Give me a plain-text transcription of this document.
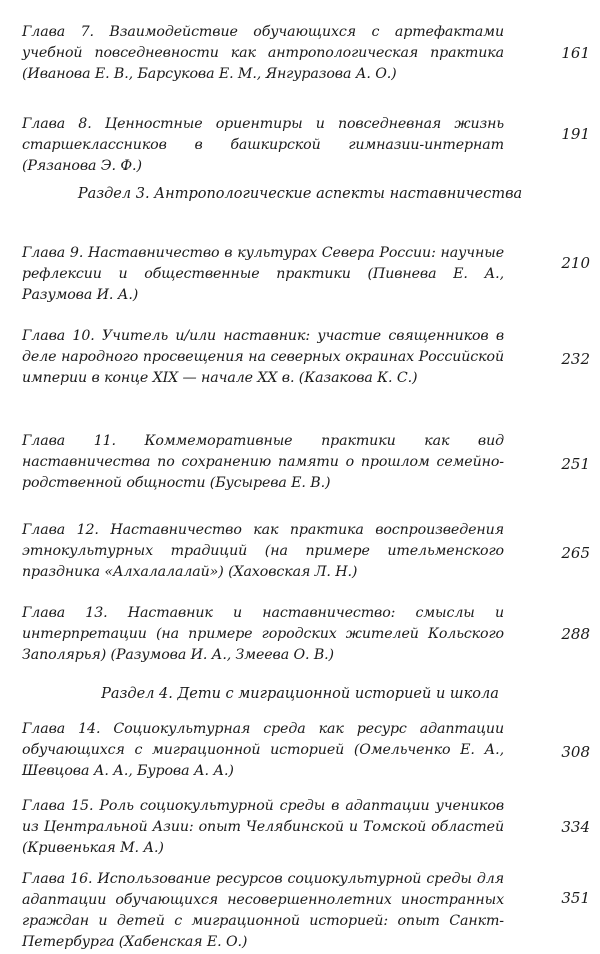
Глава 7. Взаимодействие обучающихся с артефактами учебной повседневности как антропологическая практика (Иванова Е. В., Барсукова Е. М., Янгуразова А. О.)
161
Глава 8. Ценностные ориентиры и повседневная жизнь старшеклассников в башкирской гимназии-интернат (Рязанова Э. Ф.)
191
Раздел 3. Антропологические аспекты наставничества
Глава 9. Наставничество в культурах Севера России: научные рефлексии и общественные практики (Пивнева Е. А., Разумова И. А.)
210
Глава 10. Учитель и/или наставник: участие священников в деле народного просвещения на северных окраинах Российской империи в конце XIX — начале XX в. (Казакова К. С.)
232
Глава 11. Коммеморативные практики как вид наставничества по сохранению памяти о прошлом семейно-родственной общности (Бусырева Е. В.)
251
Глава 12. Наставничество как практика воспроизведения этнокультурных традиций (на примере ительменского праздника «Алхалалалай») (Хаховская Л. Н.)
265
Глава 13. Наставник и наставничество: смыслы и интерпретации (на примере городских жителей Кольского Заполярья) (Разумова И. А., Змеева О. В.)
288
Раздел 4. Дети с миграционной историей и школа
Глава 14. Социокультурная среда как ресурс адаптации обучающихся с миграционной историей (Омельченко Е. А., Шевцова А. А., Бурова А. А.)
308
Глава 15. Роль социокультурной среды в адаптации учеников из Центральной Азии: опыт Челябинской и Томской областей (Кривенькая М. А.)
334
Глава 16. Использование ресурсов социокультурной среды для адаптации обучающихся несовершеннолетних иностранных граждан и детей с миграционной историей: опыт Санкт-Петербурга (Хабенская Е. О.)
351
